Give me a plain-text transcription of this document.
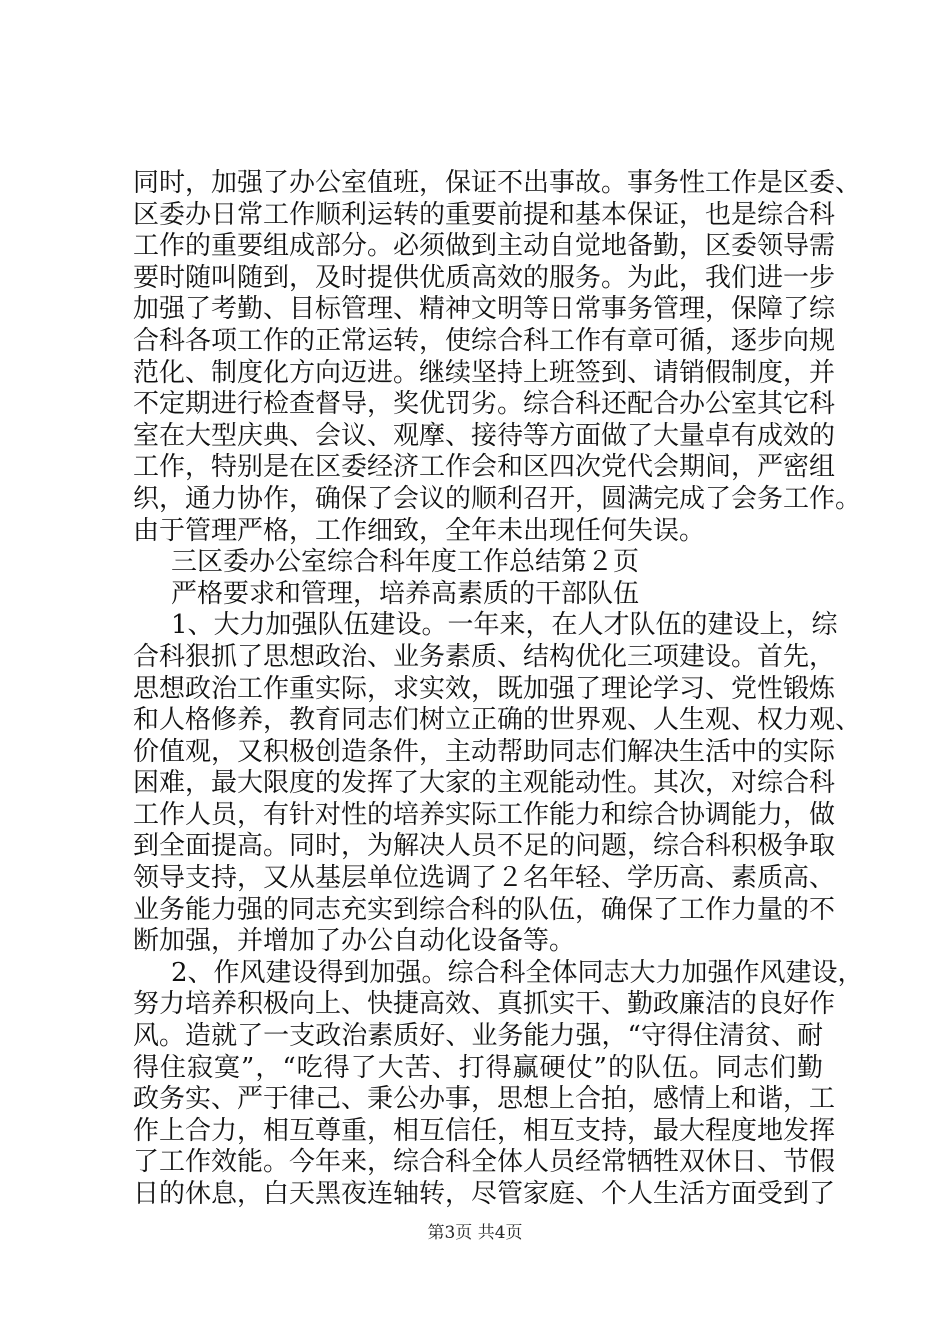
同时，加强了办公室值班，保证不出事故。事务性工作是区委、
区委办日常工作顺利运转的重要前提和基本保证，也是综合科
工作的重要组成部分。必须做到主动自觉地备勤，区委领导需
要时随叫随到，及时提供优质高效的服务。为此，我们进一步
加强了考勤、目标管理、精神文明等日常事务管理，保障了综
合科各项工作的正常运转，使综合科工作有章可循，逐步向规
范化、制度化方向迈进。继续坚持上班签到、请销假制度，并
不定期进行检查督导，奖优罚劣。综合科还配合办公室其它科
室在大型庆典、会议、观摩、接待等方面做了大量卓有成效的
工作，特别是在区委经济工作会和区四次党代会期间，严密组
织，通力协作，确保了会议的顺利召开，圆满完成了会务工作。
由于管理严格，工作细致，全年未出现任何失误。
三区委办公室综合科年度工作总结第２页
严格要求和管理，培养高素质的干部队伍
1、大力加强队伍建设。一年来，在人才队伍的建设上，综
合科狠抓了思想政治、业务素质、结构优化三项建设。首先，
思想政治工作重实际，求实效，既加强了理论学习、党性锻炼
和人格修养，教育同志们树立正确的世界观、人生观、权力观、
价值观，又积极创造条件，主动帮助同志们解决生活中的实际
困难，最大限度的发挥了大家的主观能动性。其次，对综合科
工作人员，有针对性的培养实际工作能力和综合协调能力，做
到全面提高。同时，为解决人员不足的问题，综合科积极争取
领导支持，又从基层单位选调了２名年轻、学历高、素质高、
业务能力强的同志充实到综合科的队伍，确保了工作力量的不
断加强，并增加了办公自动化设备等。
2、作风建设得到加强。综合科全体同志大力加强作风建设，
努力培养积极向上、快捷高效、真抓实干、勤政廉洁的良好作
风。造就了一支政治素质好、业务能力强，“守得住清贫、耐
得住寂寞”，“吃得了大苦、打得赢硬仗”的队伍。同志们勤
政务实、严于律己、秉公办事，思想上合拍，感情上和谐，工
作上合力，相互尊重，相互信任，相互支持，最大程度地发挥
了工作效能。今年来，综合科全体人员经常牺牲双休日、节假
日的休息，白天黑夜连轴转，尽管家庭、个人生活方面受到了
第3页 共4页
